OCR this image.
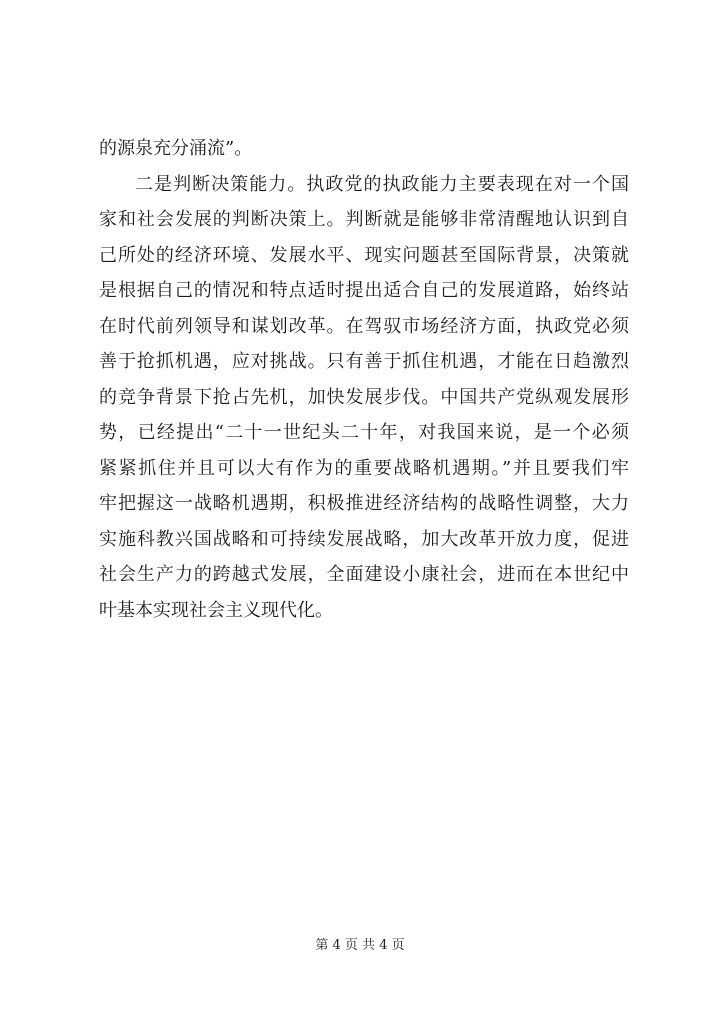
的源泉充分涌流”。
二是判断决策能力。执政党的执政能力主要表现在对一个国
家和社会发展的判断决策上。判断就是能够非常清醒地认识到自
己所处的经济环境、发展水平、现实问题甚至国际背景，决策就
是根据自己的情况和特点适时提出适合自己的发展道路，始终站
在时代前列领导和谋划改革。在驾驭市场经济方面，执政党必须
善于抢抓机遇，应对挑战。只有善于抓住机遇，才能在日趋激烈
的竞争背景下抢占先机，加快发展步伐。中国共产党纵观发展形
势，已经提出“二十一世纪头二十年，对我国来说，是一个必须
紧紧抓住并且可以大有作为的重要战略机遇期。”并且要我们牢
牢把握这一战略机遇期，积极推进经济结构的战略性调整，大力
实施科教兴国战略和可持续发展战略，加大改革开放力度，促进
社会生产力的跨越式发展，全面建设小康社会，进而在本世纪中
叶基本实现社会主义现代化。
第 4 页 共 4 页
